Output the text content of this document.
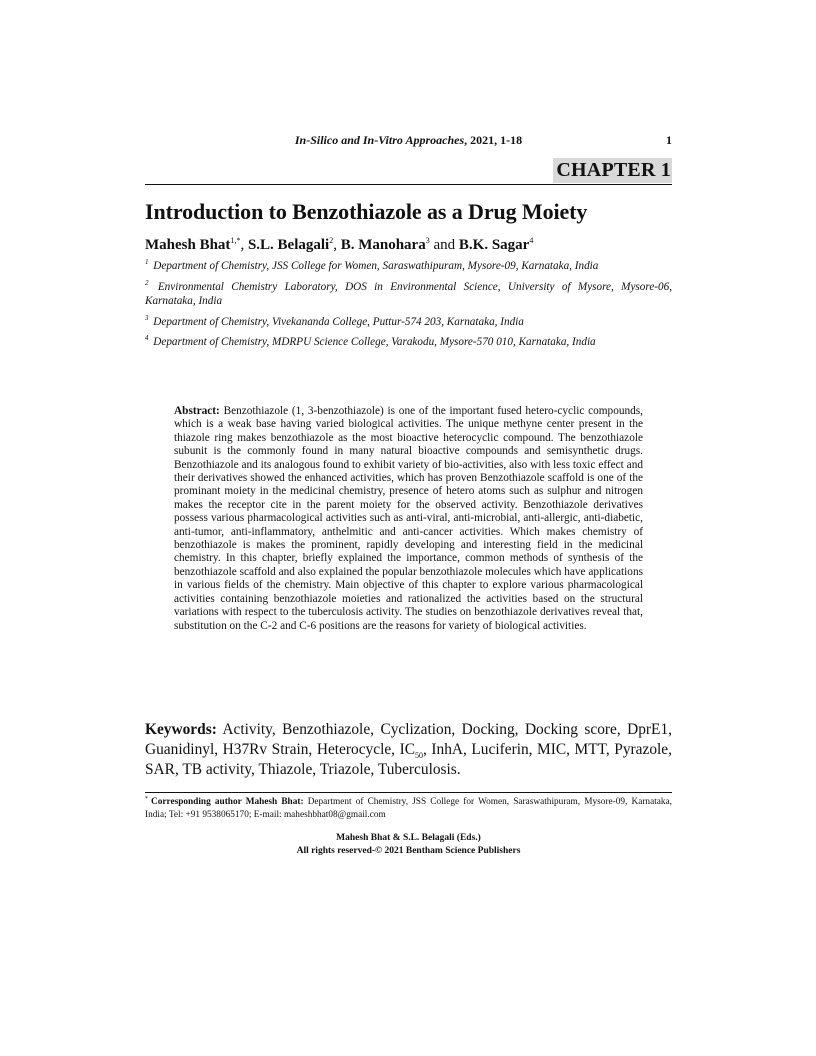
In-Silico and In-Vitro Approaches, 2021, 1-18	1
CHAPTER 1
Introduction to Benzothiazole as a Drug Moiety
Mahesh Bhat$^{1,*}$, S.L. Belagali$^2$, B. Manohara$^3$ and B.K. Sagar$^4$

$^1$ Department of Chemistry, JSS College for Women, Saraswathipuram, Mysore-09, Karnataka, India

$^2$ Environmental Chemistry Laboratory, DOS in Environmental Science, University of Mysore, Mysore-06, Karnataka, India

$^3$ Department of Chemistry, Vivekananda College, Puttur-574 203, Karnataka, India

$^4$ Department of Chemistry, MDRPU Science College, Varakodu, Mysore-570 010, Karnataka, India

Abstract: Benzothiazole (1, 3-benzothiazole) is one of the important fused hetero-cyclic compounds, which is a weak base having varied biological activities. The unique methyne center present in the thiazole ring makes benzothiazole as the most bioactive heterocyclic compound. The benzothiazole subunit is the commonly found in many natural bioactive compounds and semisynthetic drugs. Benzothiazole and its analogous found to exhibit variety of bio-activities, also with less toxic effect and their derivatives showed the enhanced activities, which has proven Benzothiazole scaffold is one of the prominant moiety in the medicinal chemistry, presence of hetero atoms such as sulphur and nitrogen makes the receptor cite in the parent moiety for the observed activity. Benzothiazole derivatives possess various pharmacological activities such as anti-viral, anti-microbial, anti-allergic, anti-diabetic, anti-tumor, anti-inflammatory, anthelmitic and anti-cancer activities. Which makes chemistry of benzothiazole is makes the prominent, rapidly developing and interesting field in the medicinal chemistry. In this chapter, briefly explained the importance, common methods of synthesis of the benzothiazole scaffold and also explained the popular benzothiazole molecules which have applications in various fields of the chemistry. Main objective of this chapter to explore various pharmacological activities containing benzothiazole moieties and rationalized the activities based on the structural variations with respect to the tuberculosis activity. The studies on benzothiazole derivatives reveal that, substitution on the C-2 and C-6 positions are the reasons for variety of biological activities.

Keywords: Activity, Benzothiazole, Cyclization, Docking, Docking score, DprE1, Guanidinyl, H37Rv Strain, Heterocycle, $IC_{50}$, InhA, Luciferin, MIC, MTT, Pyrazole, SAR, TB activity, Thiazole, Triazole, Tuberculosis.

* Corresponding author Mahesh Bhat: Department of Chemistry, JSS College for Women, Saraswathipuram, Mysore-09, Karnataka, India; Tel: +91 9538065170; E-mail: maheshbhat08@gmail.com

Mahesh Bhat & S.L. Belagali (Eds.)
All rights reserved-© 2021 Bentham Science Publishers
